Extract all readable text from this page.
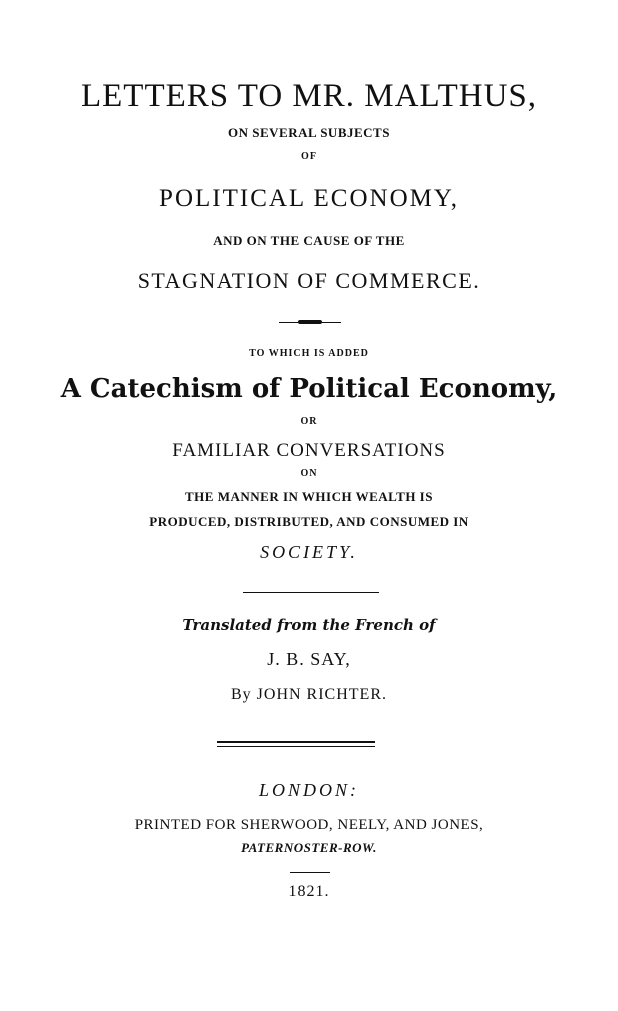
LETTERS TO MR. MALTHUS,
ON SEVERAL SUBJECTS
OF
POLITICAL ECONOMY,
AND ON THE CAUSE OF THE
STAGNATION OF COMMERCE.
TO WHICH IS ADDED
A Catechism of Political Economy,
OR
FAMILIAR CONVERSATIONS
ON
THE MANNER IN WHICH WEALTH IS
PRODUCED, DISTRIBUTED, AND CONSUMED IN
SOCIETY.
Translated from the French of
J. B. SAY,
By JOHN RICHTER.
LONDON:
PRINTED FOR SHERWOOD, NEELY, AND JONES,
PATERNOSTER-ROW.
1821.
